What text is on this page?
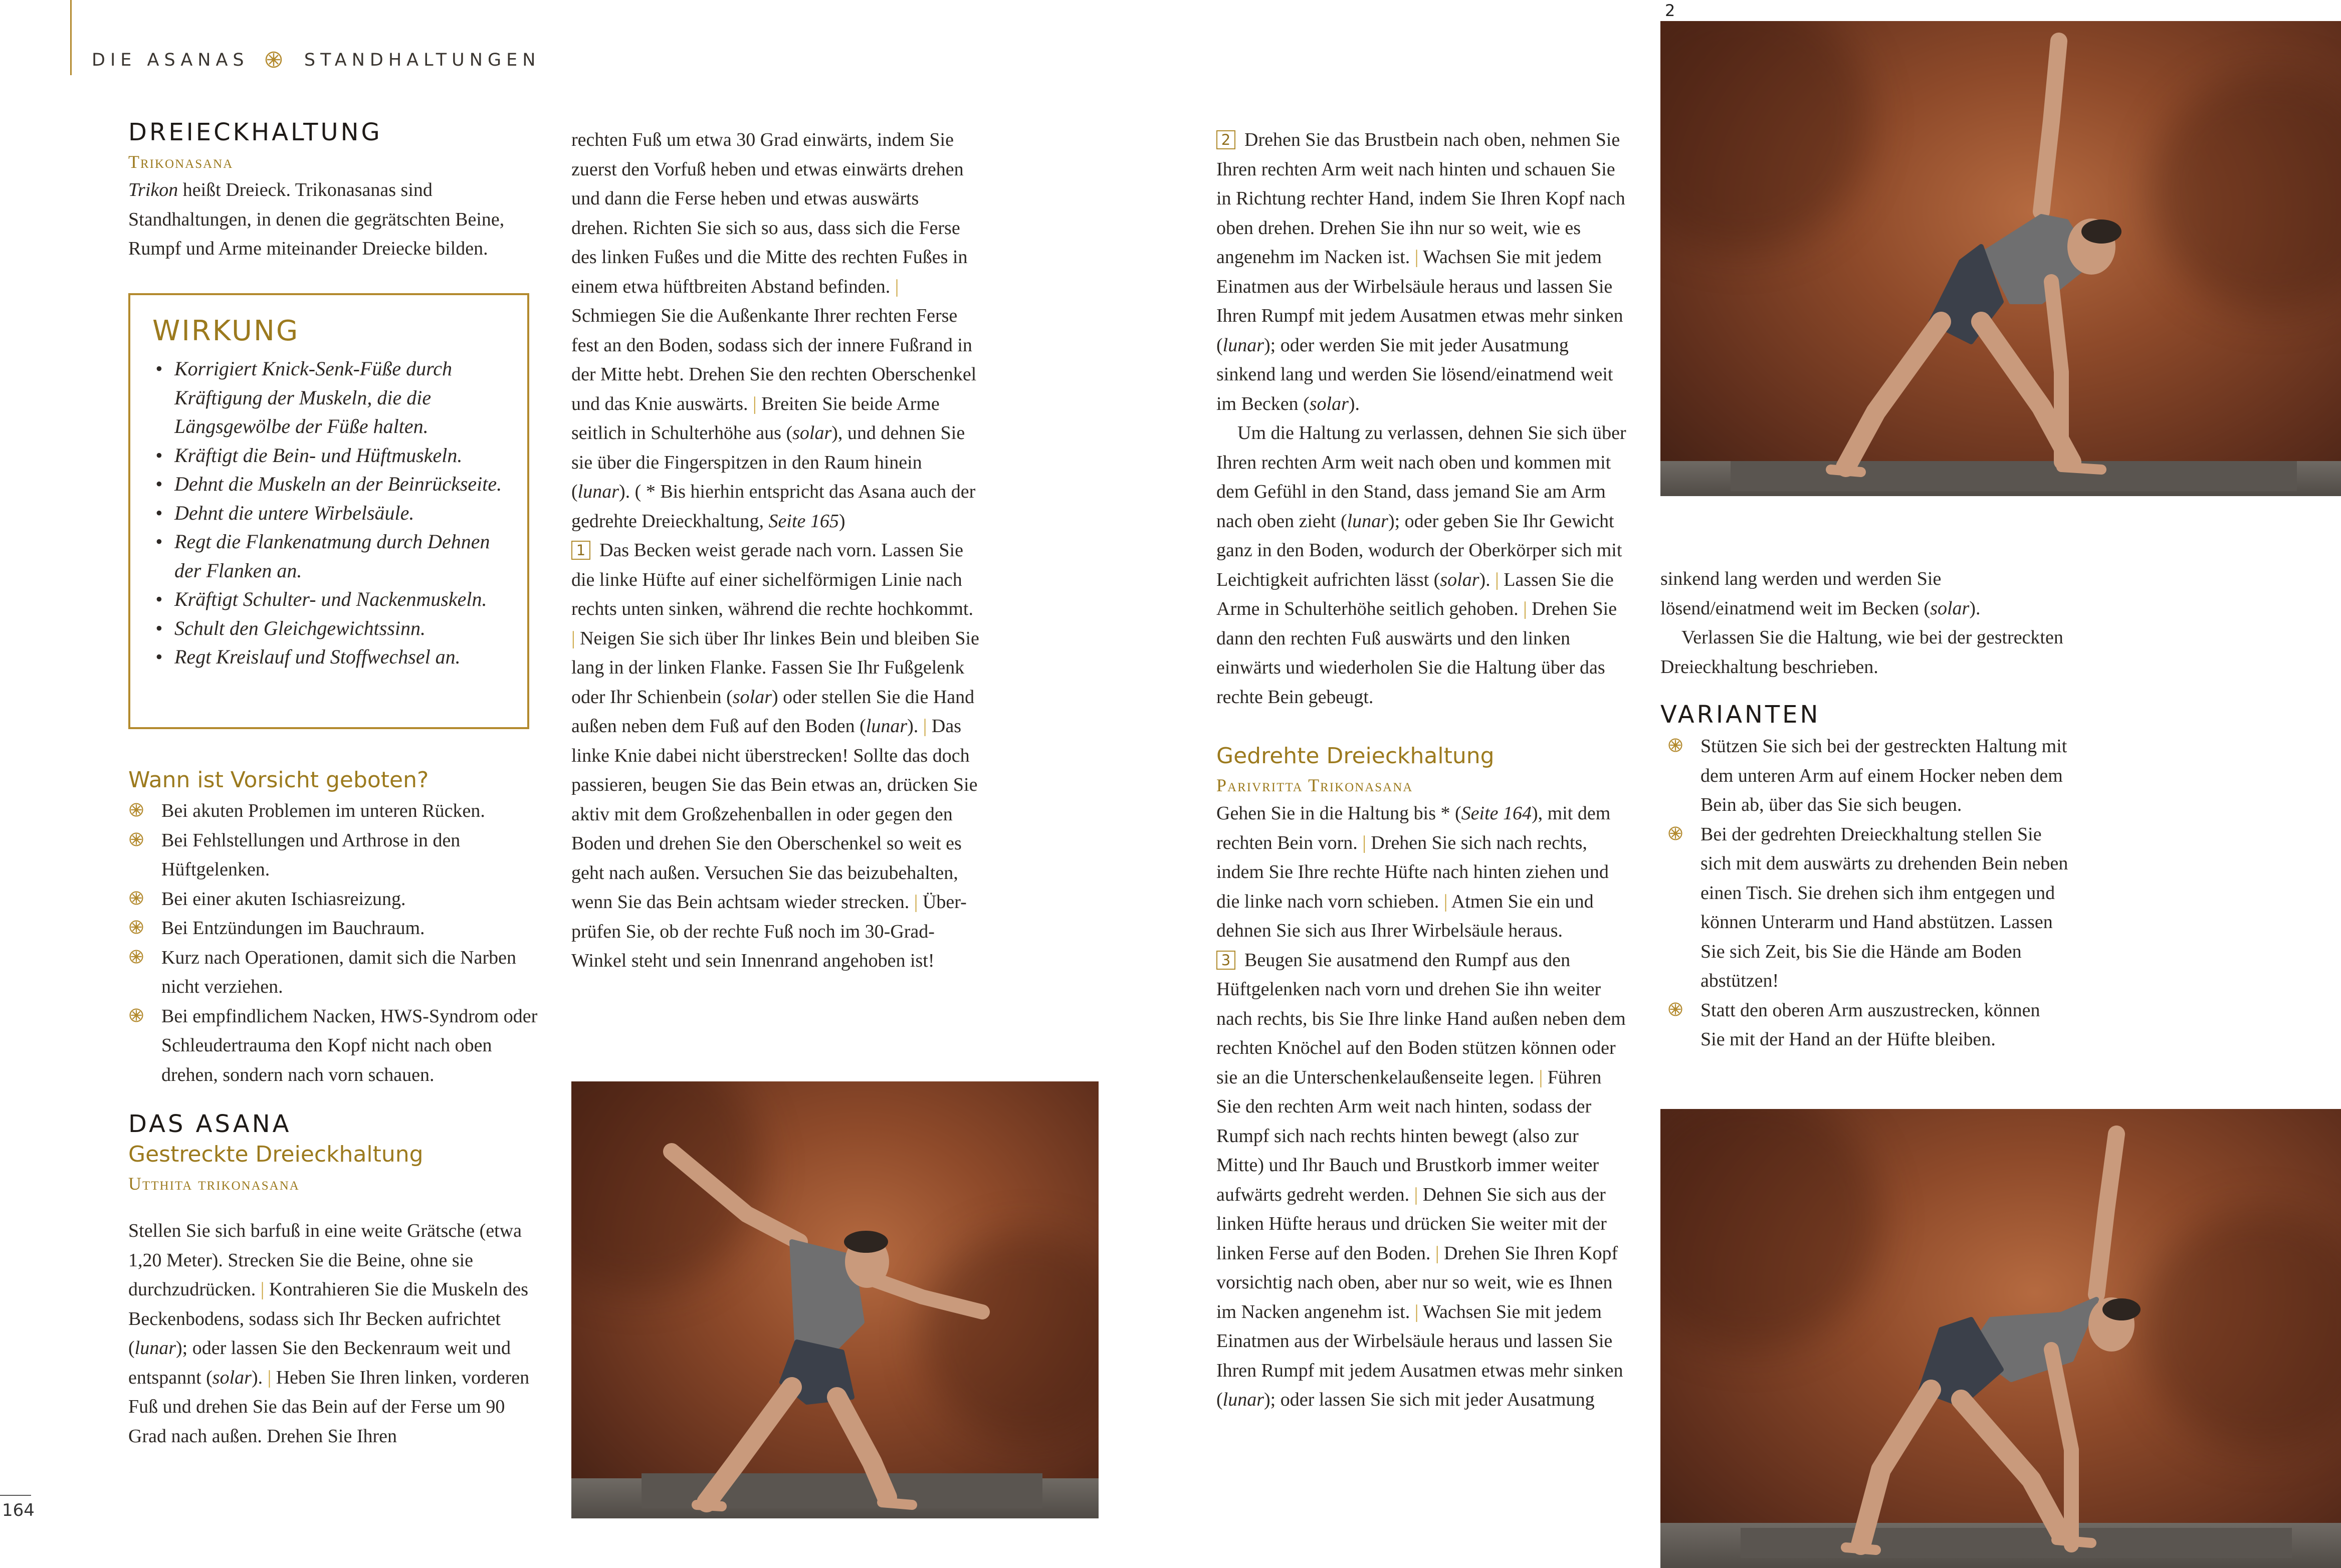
DIE ASANAS	STANDHALTUNGEN
164
DREIECKHALTUNG
Trikonasana

Trikon heißt Dreieck. Trikonasanas sind Standhaltungen, in denen die gegrätschten Beine, Rumpf und Arme miteinander Dreiecke bilden.

WIRKUNG
• Korrigiert Knick-Senk-Füße durch Kräftigung der Muskeln, die die Längsgewölbe der Füße halten.
• Kräftigt die Bein- und Hüftmuskeln.
• Dehnt die Muskeln an der Beinrückseite.
• Dehnt die untere Wirbelsäule.
• Regt die Flankenatmung durch Dehnen der Flanken an.
• Kräftigt Schulter- und Nackenmuskeln.
• Schult den Gleichgewichtssinn.
• Regt Kreislauf und Stoffwechsel an.
Wann ist Vorsicht geboten?
Bei akuten Problemen im unteren Rücken.
Bei Fehlstellungen und Arthrose in den Hüftgelenken.
Bei einer akuten Ischiasreizung.
Bei Entzündungen im Bauchraum.
Kurz nach Operationen, damit sich die Narben nicht verziehen.
Bei empfindlichem Nacken, HWS-Syndrom oder Schleudertrauma den Kopf nicht nach oben drehen, sondern nach vorn schauen.
DAS ASANA
Gestreckte Dreieckhaltung
Utthita trikonasana

Stellen Sie sich barfuß in eine weite Grätsche (etwa 1,20 Meter). Strecken Sie die Beine, ohne sie durchzudrücken. | Kontrahieren Sie die Muskeln des Beckenbodens, sodass sich Ihr Becken aufrichtet (lunar); oder lassen Sie den Beckenraum weit und entspannt (solar). | Heben Sie Ihren linken, vorderen Fuß und drehen Sie das Bein auf der Ferse um 90 Grad nach außen. Drehen Sie Ihren

rechten Fuß um etwa 30 Grad einwärts, indem Sie zuerst den Vorfuß heben und etwas einwärts drehen und dann die Ferse heben und etwas auswärts drehen. Richten Sie sich so aus, dass sich die Ferse des linken Fußes und die Mitte des rechten Fußes in einem etwa hüftbreiten Abstand befinden. | Schmiegen Sie die Außenkante Ihrer rechten Ferse fest an den Boden, sodass sich der innere Fußrand in der Mitte hebt. Drehen Sie den rechten Oberschenkel und das Knie auswärts. | Breiten Sie beide Arme seitlich in Schulterhöhe aus (solar), und dehnen Sie sie über die Fingerspitzen in den Raum hinein (lunar). ( * Bis hierhin entspricht das Asana auch der gedrehte Dreieckhaltung, Seite 165)

1 Das Becken weist gerade nach vorn. Lassen Sie die linke Hüfte auf einer sichelförmigen Linie nach rechts unten sinken, während die rechte hochkommt. | Neigen Sie sich über Ihr linkes Bein und bleiben Sie lang in der linken Flanke. Fassen Sie Ihr Fußgelenk oder Ihr Schienbein (solar) oder stellen Sie die Hand außen neben dem Fuß auf den Boden (lunar). | Das linke Knie dabei nicht überstrecken! Sollte das doch passieren, beugen Sie das Bein etwas an, drücken Sie aktiv mit dem Großzehenballen in oder gegen den Boden und drehen Sie den Oberschenkel so weit es geht nach außen. Versuchen Sie das beizubehalten, wenn Sie das Bein achtsam wieder strecken. | Über-prüfen Sie, ob der rechte Fuß noch im 30-Grad-Winkel steht und sein Innenrand angehoben ist!

2 Drehen Sie das Brustbein nach oben, nehmen Sie Ihren rechten Arm weit nach hinten und schauen Sie in Richtung rechter Hand, indem Sie Ihren Kopf nach oben drehen. Drehen Sie ihn nur so weit, wie es angenehm im Nacken ist. | Wachsen Sie mit jedem Einatmen aus der Wirbelsäule heraus und lassen Sie Ihren Rumpf mit jedem Ausatmen etwas mehr sinken (lunar); oder werden Sie mit jeder Ausatmung sinkend lang und werden Sie lösend/einatmend weit im Becken (solar).

Um die Haltung zu verlassen, dehnen Sie sich über Ihren rechten Arm weit nach oben und kommen mit dem Gefühl in den Stand, dass jemand Sie am Arm nach oben zieht (lunar); oder geben Sie Ihr Gewicht ganz in den Boden, wodurch der Oberkörper sich mit Leichtigkeit aufrichten lässt (solar). | Lassen Sie die Arme in Schulterhöhe seitlich gehoben. | Drehen Sie dann den rechten Fuß auswärts und den linken einwärts und wiederholen Sie die Haltung über das rechte Bein gebeugt.

Gedrehte Dreieckhaltung
Parivritta Trikonasana

Gehen Sie in die Haltung bis * (Seite 164), mit dem rechten Bein vorn. | Drehen Sie sich nach rechts, indem Sie Ihre rechte Hüfte nach hinten ziehen und die linke nach vorn schieben. | Atmen Sie ein und dehnen Sie sich aus Ihrer Wirbelsäule heraus.

3 Beugen Sie ausatmend den Rumpf aus den Hüftgelenken nach vorn und drehen Sie ihn weiter nach rechts, bis Sie Ihre linke Hand außen neben dem rechten Knöchel auf den Boden stützen können oder sie an die Unterschenkelaußenseite legen. | Führen Sie den rechten Arm weit nach hinten, sodass der Rumpf sich nach rechts hinten bewegt (also zur Mitte) und Ihr Bauch und Brustkorb immer weiter aufwärts gedreht werden. | Dehnen Sie sich aus der linken Hüfte heraus und drücken Sie weiter mit der linken Ferse auf den Boden. | Drehen Sie Ihren Kopf vorsichtig nach oben, aber nur so weit, wie es Ihnen im Nacken angenehm ist. | Wachsen Sie mit jedem Einatmen aus der Wirbelsäule heraus und lassen Sie Ihren Rumpf mit jedem Ausatmen etwas mehr sinken (lunar); oder lassen Sie sich mit jeder Ausatmung

2

sinkend lang werden und werden Sie lösend/einatmend weit im Becken (solar).

Verlassen Sie die Haltung, wie bei der gestreckten Dreieckhaltung beschrieben.

VARIANTEN
Stützen Sie sich bei der gestreckten Haltung mit dem unteren Arm auf einem Hocker neben dem Bein ab, über das Sie sich beugen.
Bei der gedrehten Dreieckhaltung stellen Sie sich mit dem auswärts zu drehenden Bein neben einen Tisch. Sie drehen sich ihm entgegen und können Unterarm und Hand abstützen. Lassen Sie sich Zeit, bis Sie die Hände am Boden abstützen!
Statt den oberen Arm auszustrecken, können Sie mit der Hand an der Hüfte bleiben.
